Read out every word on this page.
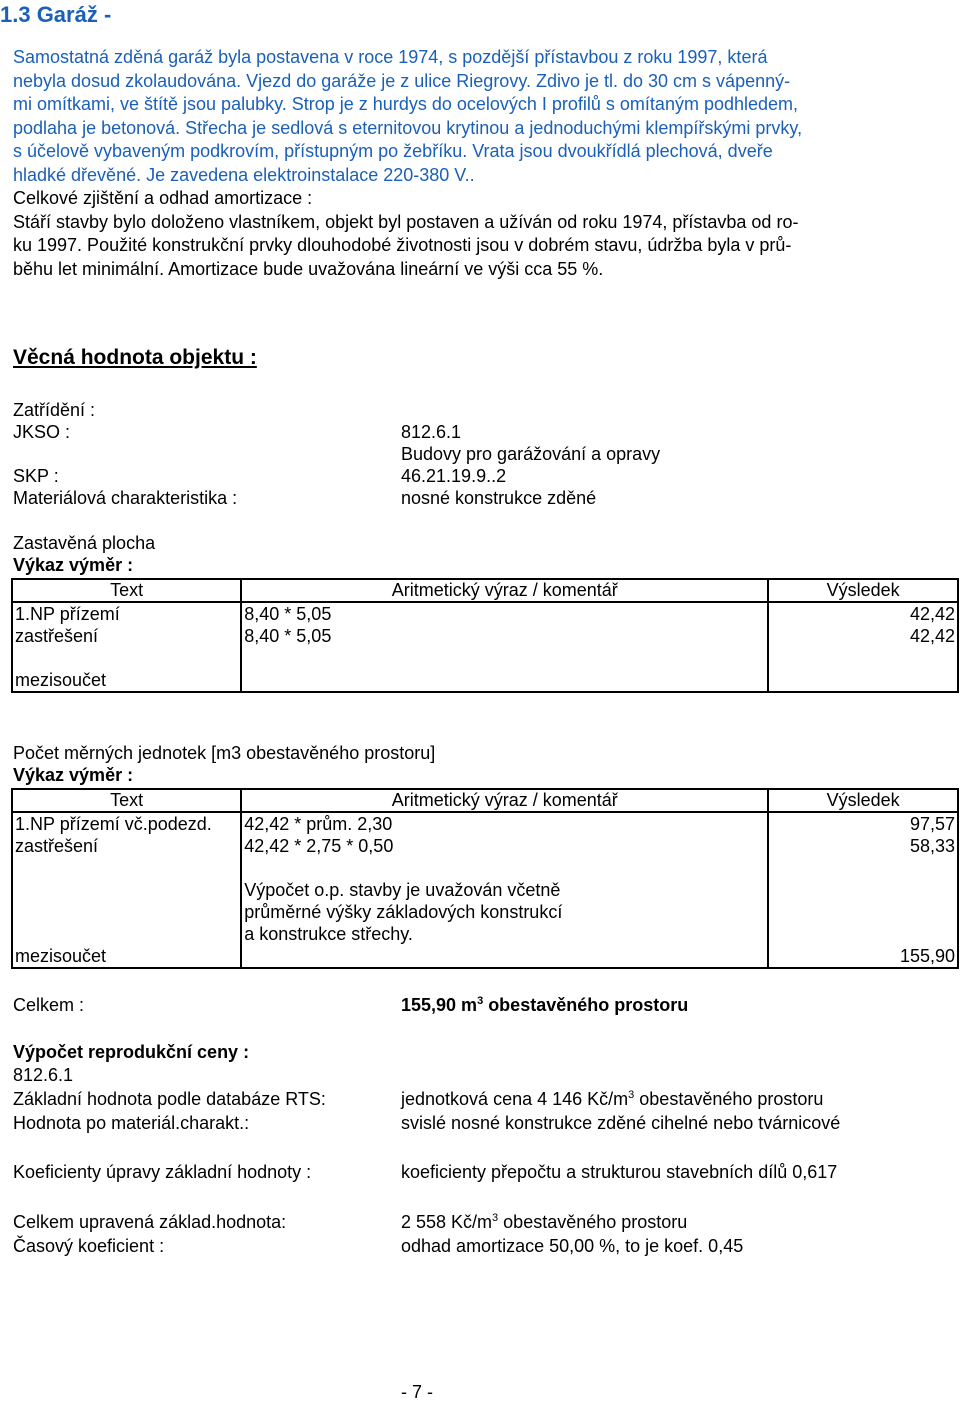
1.3 Garáž -
Samostatná zděná garáž byla postavena v roce 1974, s pozdější přístavbou z roku 1997, která
nebyla dosud zkolaudována. Vjezd do garáže je z ulice Riegrovy. Zdivo je tl. do 30 cm s vápenný-
mi omítkami, ve štítě jsou palubky. Strop je z hurdys do ocelových I profilů s omítaným podhledem,
podlaha je betonová. Střecha je sedlová s eternitovou krytinou a jednoduchými klempířskými prvky,
s účelově vybaveným podkrovím, přístupným po žebříku. Vrata jsou dvoukřídlá plechová, dveře
hladké dřevěné. Je zavedena elektroinstalace 220-380 V..
Celkové zjištění a odhad amortizace :
Stáří stavby bylo doloženo vlastníkem, objekt byl postaven a užíván od roku 1974, přístavba od ro-
ku 1997. Použité konstrukční prvky dlouhodobé životnosti jsou v dobrém stavu, údržba byla v prů-
běhu let minimální. Amortizace bude uvažována lineární ve výši cca 55 %.
Věcná hodnota objektu :
Zatřídění :
JKSO :	812.6.1
Budovy pro garážování a opravy
SKP :	46.21.19.9..2
Materiálová charakteristika :	nosné konstrukce zděné
Zastavěná plocha
Výkaz výměr :
Text	Aritmetický výraz / komentář	Výsledek
1.NP přízemí	8,40 * 5,05	42,42
zastřešení	8,40 * 5,05	42,42

mezisoučet		
Počet měrných jednotek [m3 obestavěného prostoru]
Výkaz výměr :
Text	Aritmetický výraz / komentář	Výsledek
1.NP přízemí vč.podezd.	42,42 * prům. 2,30	97,57
zastřešení	42,42 * 2,75 * 0,50	58,33

	Výpočet o.p. stavby je uvažován včetně	
	průměrné výšky základových konstrukcí	
	a konstrukce střechy.	
mezisoučet		155,90
Celkem :	155,90 $m^3$ obestavěného prostoru
Výpočet reprodukční ceny :
812.6.1
Základní hodnota podle databáze RTS:	jednotková cena 4 146 $Kč/m^3$ obestavěného prostoru
Hodnota po materiál.charakt.:	svislé nosné konstrukce zděné cihelné nebo tvárnicové
Koeficienty úpravy základní hodnoty :	koeficienty přepočtu a strukturou stavebních dílů 0,617
Celkem upravená základ.hodnota:	2 558 $Kč/m^3$ obestavěného prostoru
Časový koeficient :	odhad amortizace 50,00 %, to je koef. 0,45
- 7 -
